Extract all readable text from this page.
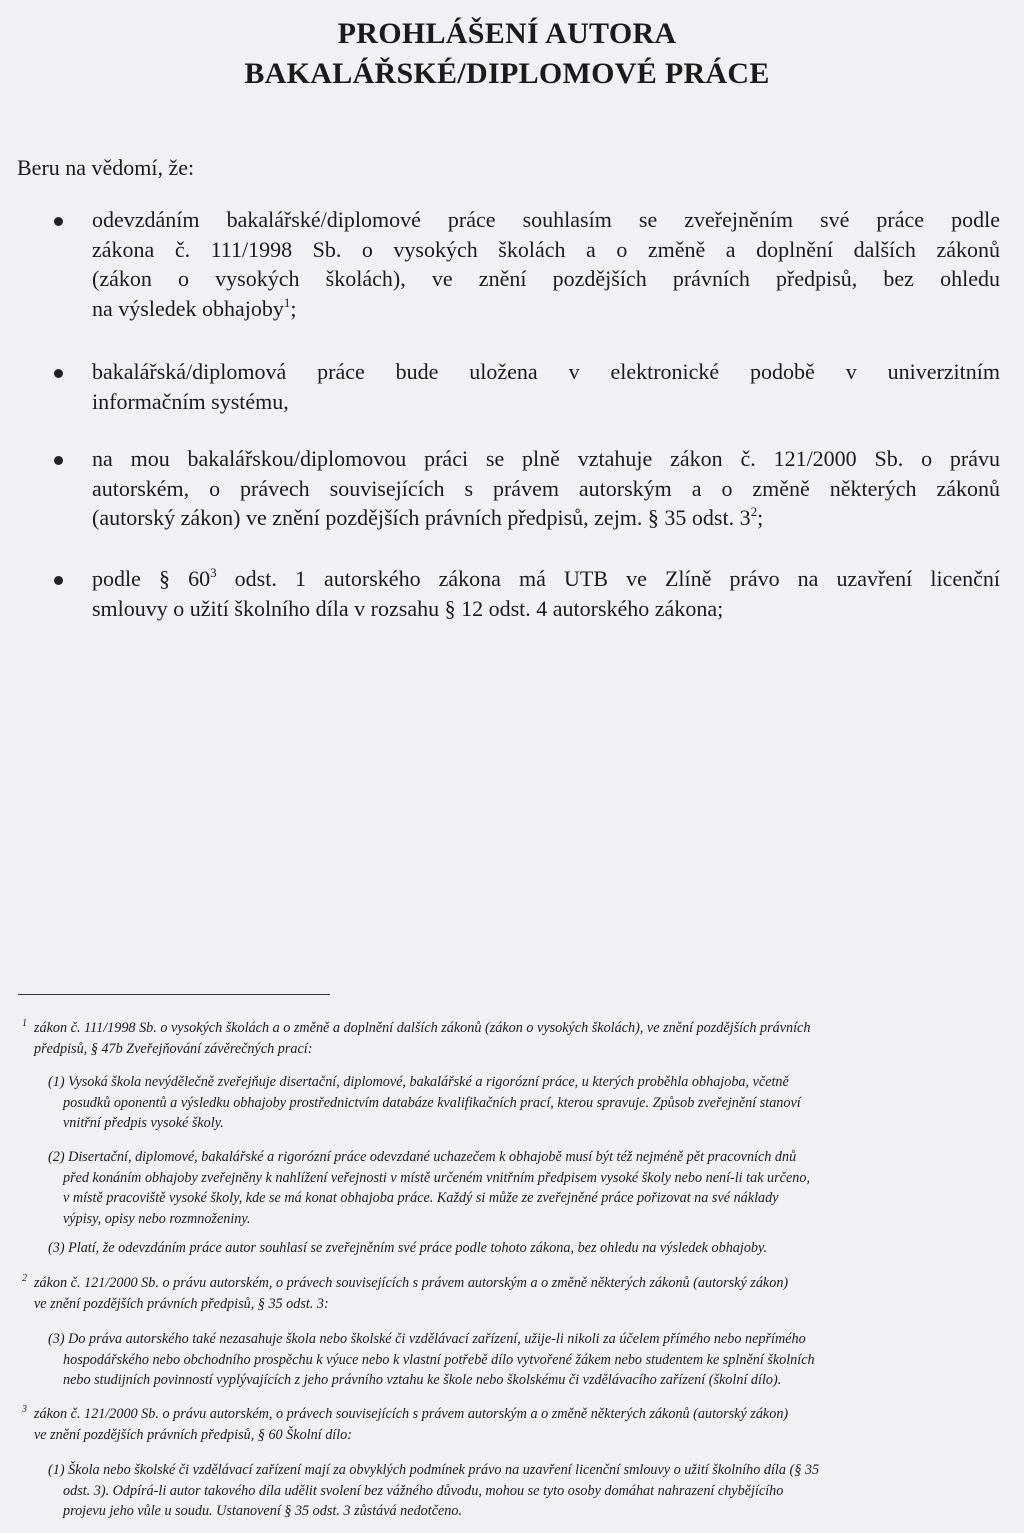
PROHLÁŠENÍ AUTORA
BAKALÁŘSKÉ/DIPLOMOVÉ PRÁCE
Beru na vědomí, že:
odevzdáním bakalářské/diplomové práce souhlasím se zveřejněním své práce podle
zákona č. 111/1998 Sb. o vysokých školách a o změně a doplnění dalších zákonů
(zákon o vysokých školách), ve znění pozdějších právních předpisů, bez ohledu
na výsledek obhajoby$^1$;
bakalářská/diplomová práce bude uložena v elektronické podobě v univerzitním
informačním systému,
na mou bakalářskou/diplomovou práci se plně vztahuje zákon č. 121/2000 Sb. o právu
autorském, o právech souvisejících s právem autorským a o změně některých zákonů
(autorský zákon) ve znění pozdějších právních předpisů, zejm. § 35 odst. $3^2$;
podle § $60^3$ odst. 1 autorského zákona má UTB ve Zlíně právo na uzavření licenční
smlouvy o užití školního díla v rozsahu § 12 odst. 4 autorského zákona;
1 zákon č. 111/1998 Sb. o vysokých školách a o změně a doplnění dalších zákonů (zákon o vysokých školách), ve znění pozdějších právních
předpisů, § 47b Zveřejňování závěrečných prací:
(1) Vysoká škola nevýdělečně zveřejňuje disertační, diplomové, bakalářské a rigorózní práce, u kterých proběhla obhajoba, včetně
posudků oponentů a výsledku obhajoby prostřednictvím databáze kvalifikačních prací, kterou spravuje. Způsob zveřejnění stanoví
vnitřní předpis vysoké školy.
(2) Disertační, diplomové, bakalářské a rigorózní práce odevzdané uchazečem k obhajobě musí být též nejméně pět pracovních dnů
před konáním obhajoby zveřejněny k nahlížení veřejnosti v místě určeném vnitřním předpisem vysoké školy nebo není-li tak určeno,
v místě pracoviště vysoké školy, kde se má konat obhajoba práce. Každý si může ze zveřejněné práce pořizovat na své náklady
výpisy, opisy nebo rozmnoženiny.
(3) Platí, že odevzdáním práce autor souhlasí se zveřejněním své práce podle tohoto zákona, bez ohledu na výsledek obhajoby.
2 zákon č. 121/2000 Sb. o právu autorském, o právech souvisejících s právem autorským a o změně některých zákonů (autorský zákon)
ve znění pozdějších právních předpisů, § 35 odst. 3:
(3) Do práva autorského také nezasahuje škola nebo školské či vzdělávací zařízení, užije-li nikoli za účelem přímého nebo nepřímého
hospodářského nebo obchodního prospěchu k výuce nebo k vlastní potřebě dílo vytvořené žákem nebo studentem ke splnění školních
nebo studijních povinností vyplývajících z jeho právního vztahu ke škole nebo školskému či vzdělávacího zařízení (školní dílo).
3 zákon č. 121/2000 Sb. o právu autorském, o právech souvisejících s právem autorským a o změně některých zákonů (autorský zákon)
ve znění pozdějších právních předpisů, § 60 Školní dílo:
(1) Škola nebo školské či vzdělávací zařízení mají za obvyklých podmínek právo na uzavření licenční smlouvy o užití školního díla (§ 35
odst. 3). Odpírá-li autor takového díla udělit svolení bez vážného důvodu, mohou se tyto osoby domáhat nahrazení chybějícího
projevu jeho vůle u soudu. Ustanovení § 35 odst. 3 zůstává nedotčeno.
